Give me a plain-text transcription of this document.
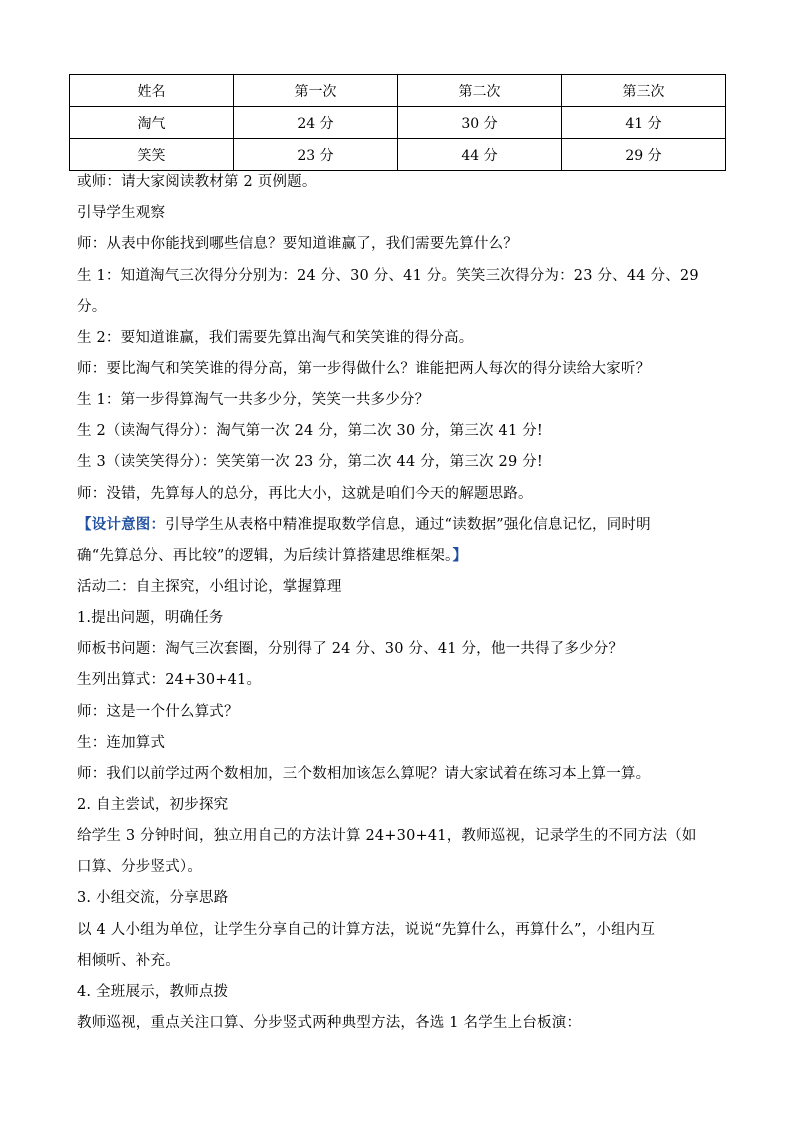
姓名	第一次	第二次	第三次
淘气	24 分	30 分	41 分
笑笑	23 分	44 分	29 分
或师：请大家阅读教材第 2 页例题。
引导学生观察
师：从表中你能找到哪些信息？要知道谁赢了，我们需要先算什么？
生 1：知道淘气三次得分分别为：24 分、30 分、41 分。笑笑三次得分为：23 分、44 分、29
分。
生 2：要知道谁赢，我们需要先算出淘气和笑笑谁的得分高。
师：要比淘气和笑笑谁的得分高，第一步得做什么？谁能把两人每次的得分读给大家听？
生 1：第一步得算淘气一共多少分，笑笑一共多少分？
生 2（读淘气得分）：淘气第一次 24 分，第二次 30 分，第三次 41 分!
生 3（读笑笑得分）：笑笑第一次 23 分，第二次 44 分，第三次 29 分!
师：没错，先算每人的总分，再比大小，这就是咱们今天的解题思路。
【设计意图：引导学生从表格中精准提取数学信息，通过“读数据”强化信息记忆，同时明
确“先算总分、再比较”的逻辑，为后续计算搭建思维框架。】
活动二：自主探究，小组讨论，掌握算理
1.提出问题，明确任务
师板书问题：淘气三次套圈，分别得了 24 分、30 分、41 分，他一共得了多少分？
生列出算式：24+30+41。
师：这是一个什么算式？
生：连加算式
师：我们以前学过两个数相加，三个数相加该怎么算呢？请大家试着在练习本上算一算。
2. 自主尝试，初步探究
给学生 3 分钟时间，独立用自己的方法计算 24+30+41，教师巡视，记录学生的不同方法（如
口算、分步竖式）。
3. 小组交流，分享思路
以 4 人小组为单位，让学生分享自己的计算方法，说说“先算什么，再算什么”，小组内互
相倾听、补充。
4. 全班展示，教师点拨
教师巡视，重点关注口算、分步竖式两种典型方法，各选 1 名学生上台板演：
